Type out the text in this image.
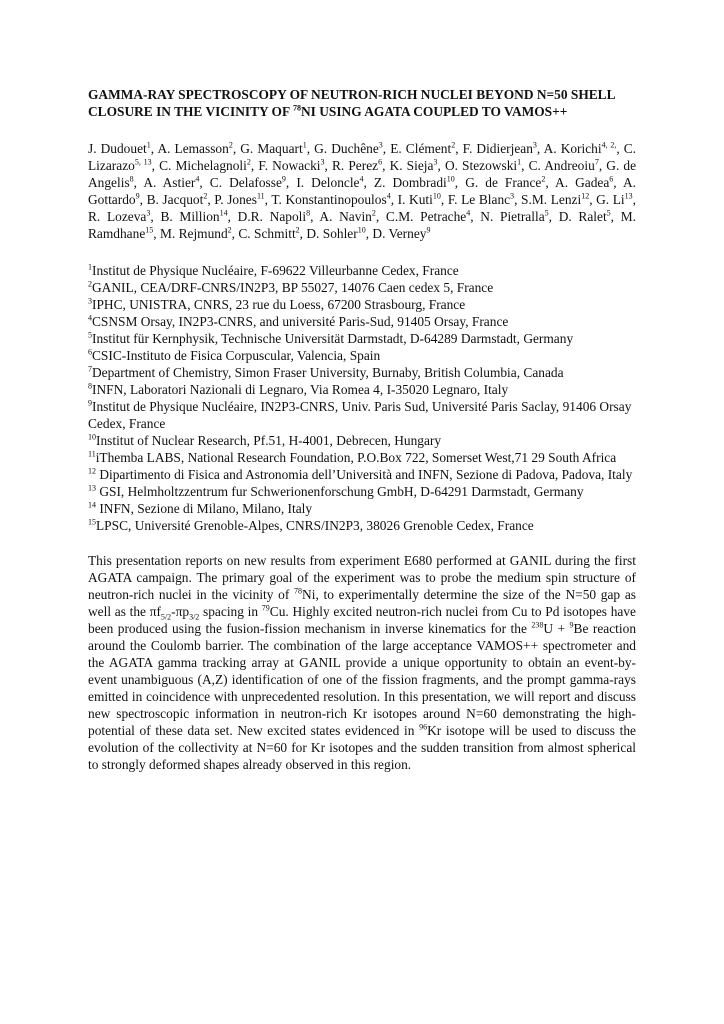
GAMMA-RAY SPECTROSCOPY OF NEUTRON-RICH NUCLEI BEYOND N=50 SHELL CLOSURE IN THE VICINITY OF $^{78}$NI USING AGATA COUPLED TO VAMOS++
J. Dudouet$^1$, A. Lemasson$^2$, G. Maquart$^1$, G. Duchêne$^3$, E. Clément$^2$, F. Didierjean$^3$, A. Korichi$^{4, 2,}$, C. Lizarazo$^{5, 13}$, C. Michelagnoli$^2$, F. Nowacki$^3$, R. Perez$^6$, K. Sieja$^3$, O. Stezowski$^1$, C. Andreoiu$^7$, G. de Angelis$^8$, A. Astier$^4$, C. Delafosse$^9$, I. Deloncle$^4$, Z. Dombradi$^{10}$, G. de France$^2$, A. Gadea$^6$, A. Gottardo$^9$, B. Jacquot$^2$, P. Jones$^{11}$, T. Konstantinopoulos$^4$, I. Kuti$^{10}$, F. Le Blanc$^3$, S.M. Lenzi$^{12}$, G. Li$^{13}$, R. Lozeva$^3$, B. Million$^{14}$, D.R. Napoli$^8$, A. Navin$^2$, C.M. Petrache$^4$, N. Pietralla$^5$, D. Ralet$^5$, M. Ramdhane$^{15}$, M. Rejmund$^2$, C. Schmitt$^2$, D. Sohler$^{10}$, D. Verney$^9$
$^1$Institut de Physique Nucléaire, F-69622 Villeurbanne Cedex, France
$^2$GANIL, CEA/DRF-CNRS/IN2P3, BP 55027, 14076 Caen cedex 5, France
$^3$IPHC, UNISTRA, CNRS, 23 rue du Loess, 67200 Strasbourg, France
$^4$CSNSM Orsay, IN2P3-CNRS, and université Paris-Sud, 91405 Orsay, France
$^5$Institut für Kernphysik, Technische Universität Darmstadt, D-64289 Darmstadt, Germany
$^6$CSIC-Instituto de Fisica Corpuscular, Valencia, Spain
$^7$Department of Chemistry, Simon Fraser University, Burnaby, British Columbia, Canada
$^8$INFN, Laboratori Nazionali di Legnaro, Via Romea 4, I-35020 Legnaro, Italy
$^9$Institut de Physique Nucléaire, IN2P3-CNRS, Univ. Paris Sud, Université Paris Saclay, 91406 Orsay Cedex, France
$^{10}$Institut of Nuclear Research, Pf.51, H-4001, Debrecen, Hungary
$^{11}$iThemba LABS, National Research Foundation, P.O.Box 722, Somerset West,71 29 South Africa
$^{12}$ Dipartimento di Fisica and Astronomia dell’Università and INFN, Sezione di Padova, Padova, Italy
$^{13}$ GSI, Helmholtzzentrum fur Schwerionenforschung GmbH, D-64291 Darmstadt, Germany
$^{14}$ INFN, Sezione di Milano, Milano, Italy
$^{15}$LPSC, Université Grenoble-Alpes, CNRS/IN2P3, 38026 Grenoble Cedex, France
This presentation reports on new results from experiment E680 performed at GANIL during the first AGATA campaign. The primary goal of the experiment was to probe the medium spin structure of neutron-rich nuclei in the vicinity of $^{78}$Ni, to experimentally determine the size of the N=50 gap as well as the $\pi f_{5/2}-\pi p_{3/2}$ spacing in $^{79}$Cu. Highly excited neutron-rich nuclei from Cu to Pd isotopes have been produced using the fusion-fission mechanism in inverse kinematics for the $^{238}$U + $^9$Be reaction around the Coulomb barrier. The combination of the large acceptance VAMOS++ spectrometer and the AGATA gamma tracking array at GANIL provide a unique opportunity to obtain an event-by-event unambiguous (A,Z) identification of one of the fission fragments, and the prompt gamma-rays emitted in coincidence with unprecedented resolution. In this presentation, we will report and discuss new spectroscopic information in neutron-rich Kr isotopes around N=60 demonstrating the high-potential of these data set. New excited states evidenced in $^{96}$Kr isotope will be used to discuss the evolution of the collectivity at N=60 for Kr isotopes and the sudden transition from almost spherical to strongly deformed shapes already observed in this region.
